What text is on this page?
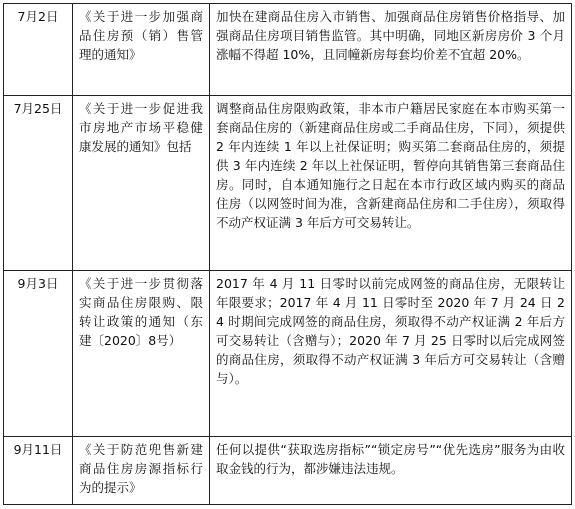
7月2日	《关于进一步加强商品住房预（销）售管理的通知》	加快在建商品住房入市销售、加强商品住房销售价格指导、加强商品住房项目销售监管。其中明确，同地区新房房价 3 个月涨幅不得超 10%，且同幢新房每套均价差不宜超 20%。
7月25日	《关于进一步促进我市房地产市场平稳健康发展的通知》包括	调整商品住房限购政策，非本市户籍居民家庭在本市购买第一套商品住房的（新建商品住房或二手商品住房，下同），须提供 2 年内连续 1 年以上社保证明；购买第二套商品住房的，须提供 3 年内连续 2 年以上社保证明，暂停向其销售第三套商品住房。同时，自本通知施行之日起在本市行政区域内购买的商品住房（以网签时间为准，含新建商品住房和二手住房），须取得不动产权证满 3 年后方可交易转让。
9月3日	《关于进一步贯彻落实商品住房限购、限转让政策的通知（东建〔2020〕8号）	2017 年 4 月 11 日零时以前完成网签的商品住房，无限转让年限要求；2017 年 4 月 11 日零时至 2020 年 7 月 24 日 24 时期间完成网签的商品住房，须取得不动产权证满 2 年后方可交易转让（含赠与）；2020 年 7 月 25 日零时以后完成网签的商品住房，须取得不动产权证满 3 年后方可交易转让（含赠与）。
9月11日	《关于防范兜售新建商品住房房源指标行为的提示》	任何以提供“获取选房指标”“锁定房号”“优先选房”服务为由收取金钱的行为，都涉嫌违法违规。
